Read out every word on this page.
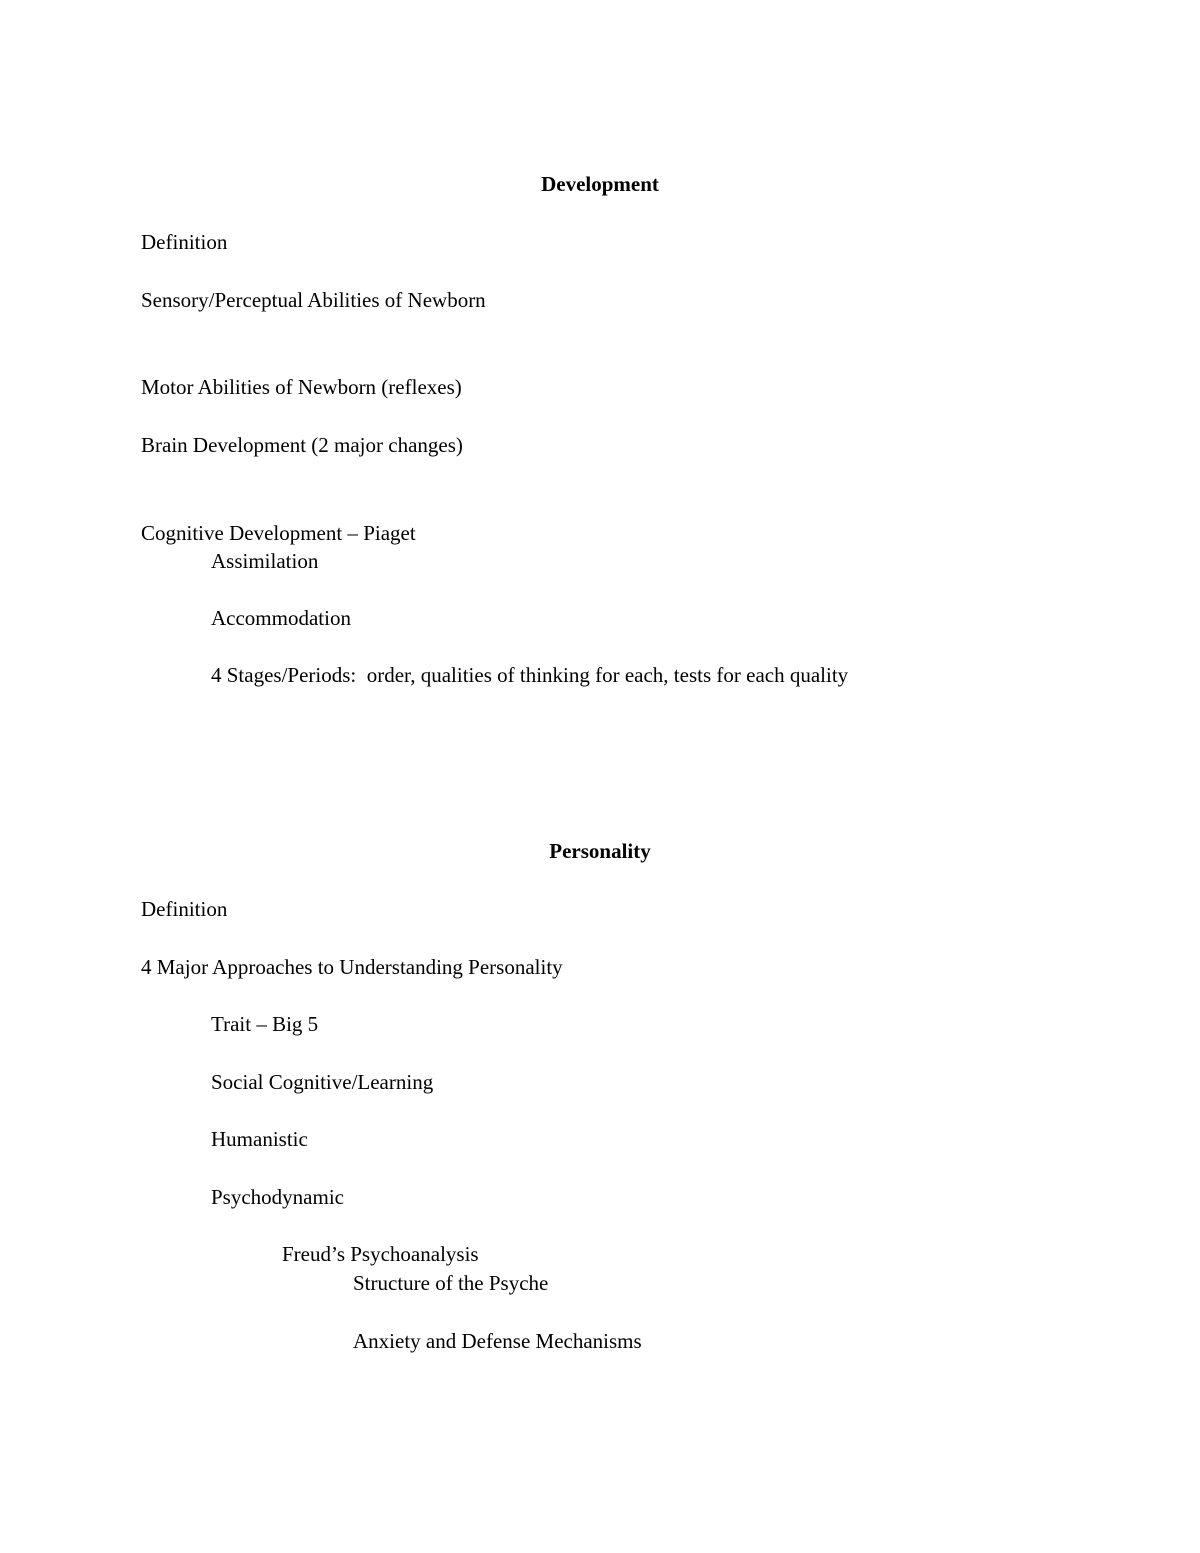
Development
Definition
Sensory/Perceptual Abilities of Newborn
Motor Abilities of Newborn (reflexes)
Brain Development (2 major changes)
Cognitive Development – Piaget
Assimilation
Accommodation
4 Stages/Periods:  order, qualities of thinking for each, tests for each quality
Personality
Definition
4 Major Approaches to Understanding Personality
Trait – Big 5
Social Cognitive/Learning
Humanistic
Psychodynamic
Freud’s Psychoanalysis
Structure of the Psyche
Anxiety and Defense Mechanisms
